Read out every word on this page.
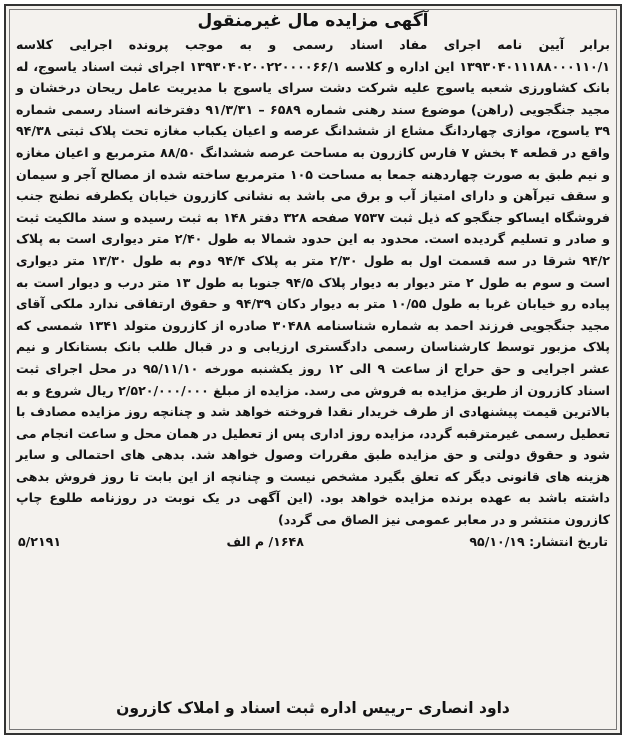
آگهی مزایده مال غیرمنقول
برابر آیین نامه اجرای مفاد اسناد رسمی و به موجب پرونده اجرایی کلاسه ۱۳۹۳۰۴۰۱۱۱۸۸۰۰۰۱۱۰/۱ این اداره و کلاسه ۱۳۹۳۰۴۰۲۰۰۲۲۰۰۰۰۶۶/۱ اجرای ثبت اسناد یاسوج، له بانک کشاورزی شعبه یاسوج علیه شرکت دشت سرای یاسوج با مدیریت عامل ریحان درخشان و مجید جنگجویی (راهن) موضوع سند رهنی شماره ۶۵۸۹ – ۹۱/۳/۳۱ دفترخانه اسناد رسمی شماره ۳۹ یاسوج، موازی چهاردانگ مشاع از ششدانگ عرصه و اعیان یکباب مغازه تحت پلاک ثبتی ۹۴/۳۸ واقع در قطعه ۴ بخش ۷ فارس کازرون به مساحت عرصه ششدانگ ۸۸/۵۰ مترمربع و اعیان مغازه و نیم طبق به صورت چهاردهنه جمعا به مساحت ۱۰۵ مترمربع ساخته شده از مصالح آجر و سیمان و سقف تیرآهن و دارای امتیاز آب و برق می باشد به نشانی کازرون خیابان یکطرفه نطنج جنب فروشگاه ایساکو جنگجو که ذیل ثبت ۷۵۳۷ صفحه ۳۲۸ دفتر ۱۴۸ به ثبت رسیده و سند مالکیت ثبت و صادر و تسلیم گردیده است. محدود به این حدود شمالا به طول ۲/۴۰ متر دیواری است به پلاک ۹۴/۲ شرقا در سه قسمت اول به طول ۲/۳۰ متر به پلاک ۹۴/۴ دوم به طول ۱۳/۳۰ متر دیواری است و سوم به طول ۲ متر دیوار به دیوار پلاک ۹۴/۵ جنوبا به طول ۱۳ متر درب و دیوار است به پیاده رو خیابان غربا به طول ۱۰/۵۵ متر به دیوار دکان ۹۴/۳۹ و حقوق ارتفاقی ندارد ملکی آقای مجید جنگجویی فرزند احمد به شماره شناسنامه ۳۰۴۸۸ صادره از کازرون متولد ۱۳۴۱ شمسی که پلاک مزبور توسط کارشناسان رسمی دادگستری ارزیابی و در قبال طلب بانک بستانکار و نیم عشر اجرایی و حق حراج از ساعت ۹ الی ۱۲ روز یکشنبه مورخه ۹۵/۱۱/۱۰ در محل اجرای ثبت اسناد کازرون از طریق مزایده به فروش می رسد. مزایده از مبلغ ۲/۵۲۰/۰۰۰/۰۰۰ ریال شروع و به بالاترین قیمت پیشنهادی از طرف خریدار نقدا فروخته خواهد شد و چنانچه روز مزایده مصادف با تعطیل رسمی غیرمترقبه گردد، مزایده روز اداری پس از تعطیل در همان محل و ساعت انجام می شود و حقوق دولتی و حق مزایده طبق مقررات وصول خواهد شد. بدهی های احتمالی و سایر هزینه های قانونی دیگر که تعلق بگیرد مشخص نیست و چنانچه از این بابت تا روز فروش بدهی داشته باشد به عهده برنده مزایده خواهد بود. (این آگهی در یک نوبت در روزنامه طلوع چاپ کازرون منتشر و در معابر عمومی نیز الصاق می گردد)
تاریخ انتشار: ۹۵/۱۰/۱۹
۱۶۴۸/ م الف
۵/۲۱۹۱
داود انصاری –رییس اداره ثبت اسناد و املاک کازرون
